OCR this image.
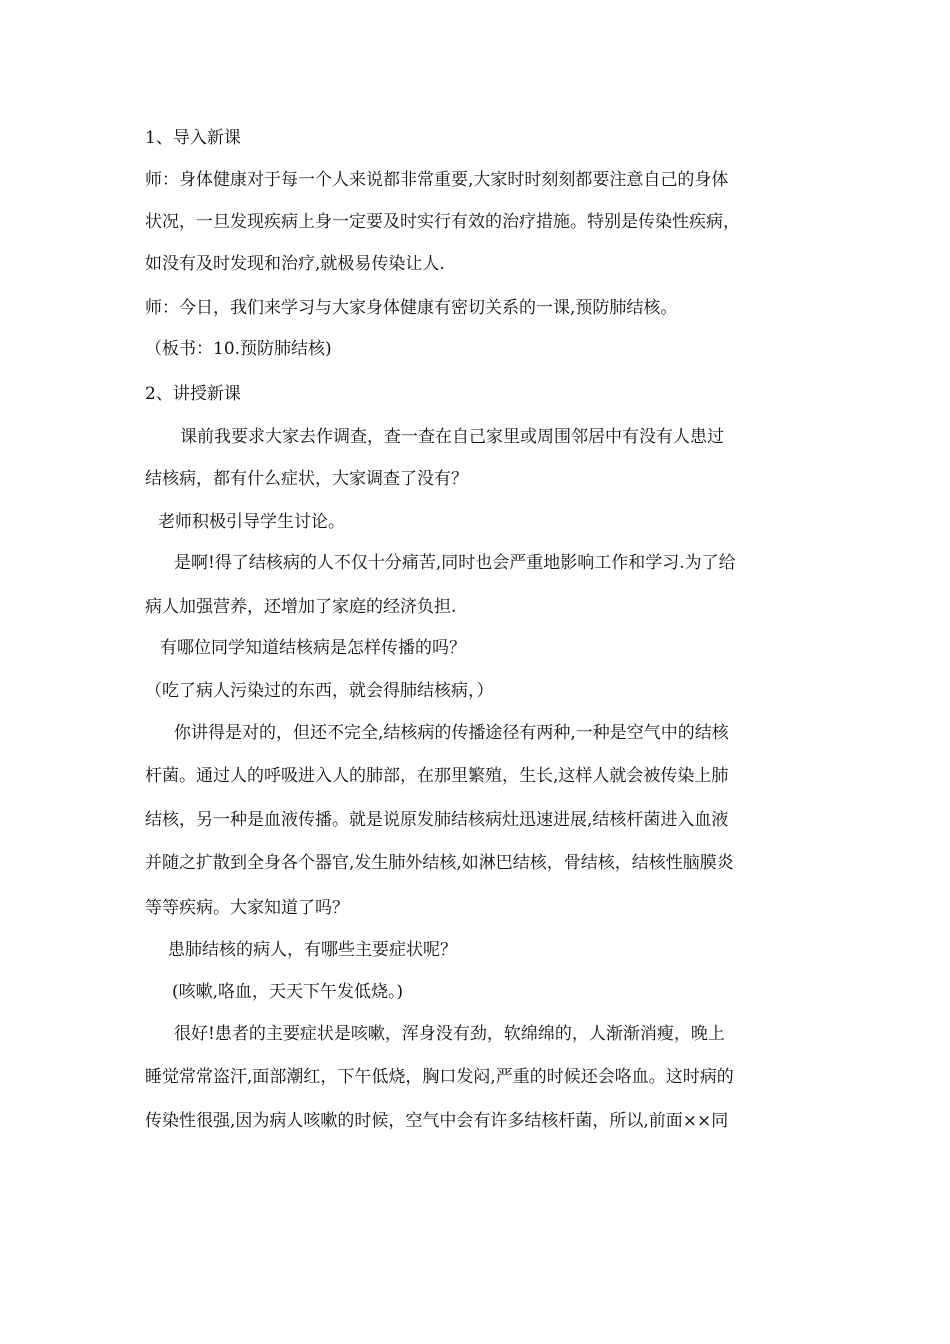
1、导入新课
师：身体健康对于每一个人来说都非常重要,大家时时刻刻都要注意自己的身体
状况，一旦发现疾病上身一定要及时实行有效的治疗措施。特别是传染性疾病，
如没有及时发现和治疗,就极易传染让人.
师：今日，我们来学习与大家身体健康有密切关系的一课,预防肺结核。
（板书：10.预防肺结核)
2、讲授新课
课前我要求大家去作调查，查一查在自己家里或周围邻居中有没有人患过
结核病，都有什么症状，大家调查了没有？
老师积极引导学生讨论。
是啊!得了结核病的人不仅十分痛苦,同时也会严重地影响工作和学习.为了给
病人加强营养，还增加了家庭的经济负担.
有哪位同学知道结核病是怎样传播的吗？
（吃了病人污染过的东西，就会得肺结核病，）
你讲得是对的，但还不完全,结核病的传播途径有两种,一种是空气中的结核
杆菌。通过人的呼吸进入人的肺部，在那里繁殖，生长,这样人就会被传染上肺
结核，另一种是血液传播。就是说原发肺结核病灶迅速进展,结核杆菌进入血液
并随之扩散到全身各个器官,发生肺外结核,如淋巴结核，骨结核，结核性脑膜炎
等等疾病。大家知道了吗？
患肺结核的病人，有哪些主要症状呢？
(咳嗽,咯血，天天下午发低烧。)
很好!患者的主要症状是咳嗽，浑身没有劲，软绵绵的，人渐渐消瘦，晚上
睡觉常常盗汗,面部潮红，下午低烧，胸口发闷,严重的时候还会咯血。这时病的
传染性很强,因为病人咳嗽的时候，空气中会有许多结核杆菌，所以,前面××同
